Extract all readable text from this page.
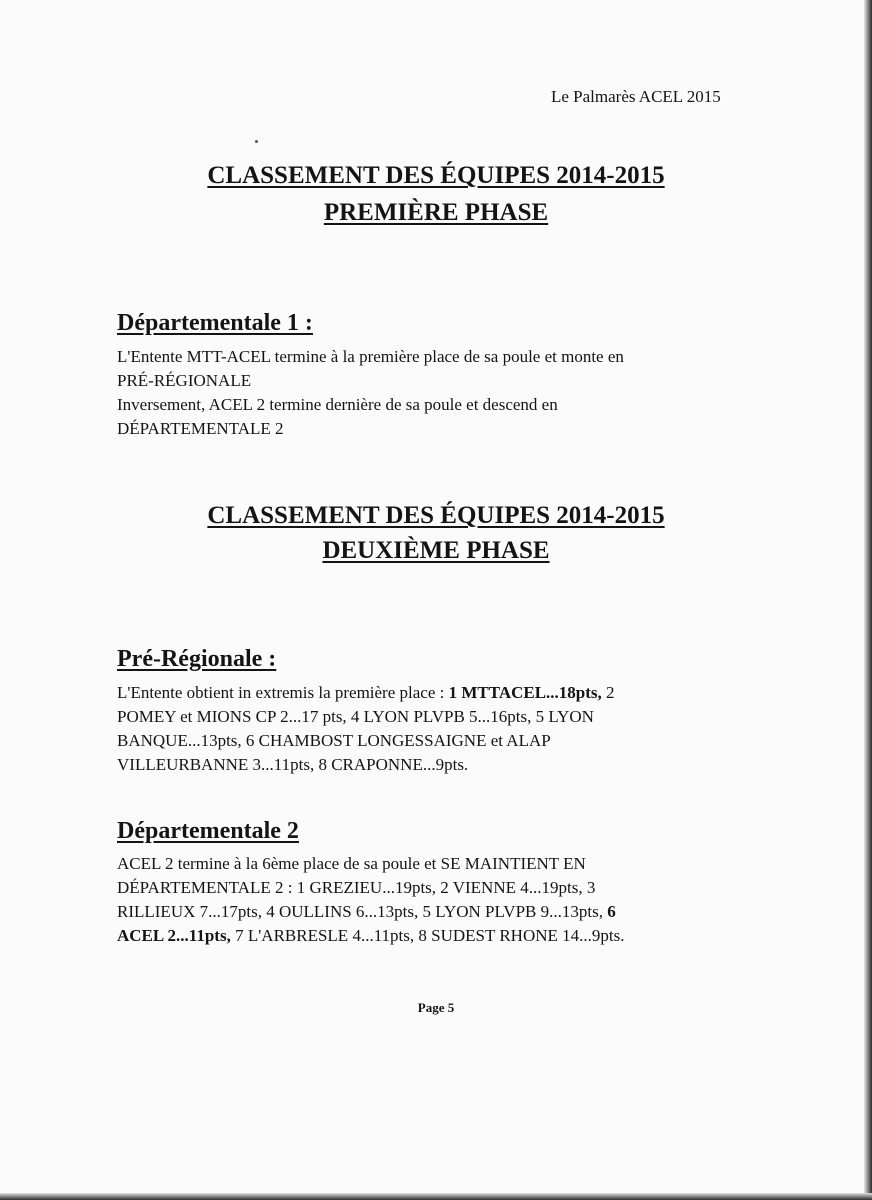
Le Palmarès ACEL 2015
CLASSEMENT DES ÉQUIPES 2014-2015
PREMIÈRE PHASE
Départementale 1 :
L'Entente MTT-ACEL termine à la première place de sa poule et monte en
PRÉ-RÉGIONALE
Inversement, ACEL 2 termine dernière de sa poule et descend en
DÉPARTEMENTALE 2
CLASSEMENT DES ÉQUIPES 2014-2015
DEUXIÈME PHASE
Pré-Régionale :
L'Entente obtient in extremis la première place : 1 MTTACEL...18pts, 2
POMEY et MIONS CP 2...17 pts, 4 LYON PLVPB 5...16pts, 5 LYON
BANQUE...13pts, 6 CHAMBOST LONGESSAIGNE et ALAP
VILLEURBANNE 3...11pts, 8 CRAPONNE...9pts.
Départementale 2
ACEL 2 termine à la 6ème place de sa poule et SE MAINTIENT EN
DÉPARTEMENTALE 2 : 1 GREZIEU...19pts, 2 VIENNE 4...19pts, 3
RILLIEUX 7...17pts, 4 OULLINS 6...13pts, 5 LYON PLVPB 9...13pts, 6
ACEL 2...11pts, 7 L'ARBRESLE 4...11pts, 8 SUDEST RHONE 14...9pts.
Page 5
